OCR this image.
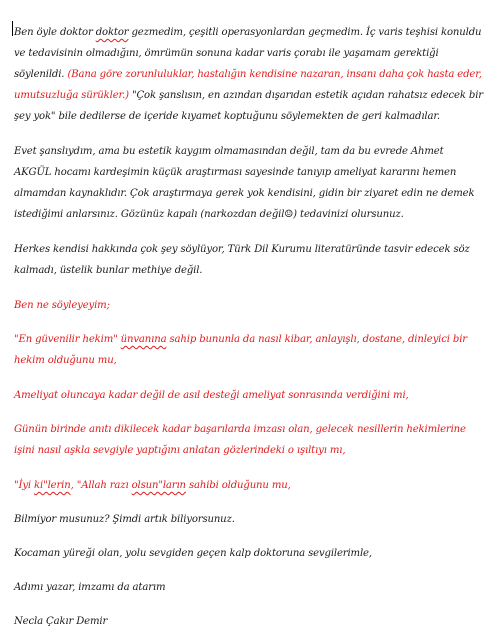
Ben öyle doktor doktor gezmedim, çeşitli operasyonlardan geçmedim. İç varis teşhisi konuldu ve tedavisinin olmadığını, ömrümün sonuna kadar varis çorabı ile yaşamam gerektiği söylenildi. (Bana göre zorunluluklar, hastalığın kendisine nazaran, insanı daha çok hasta eder, umutsuzluğa sürükler.) "Çok şanslısın, en azından dışarıdan estetik açıdan rahatsız edecek bir şey yok" bile dedilerse de içeride kıyamet koptuğunu söylemekten de geri kalmadılar.

Evet şanslıydım, ama bu estetik kaygım olmamasından değil, tam da bu evrede Ahmet AKGÜL hocamı kardeşimin küçük araştırması sayesinde tanıyıp ameliyat kararını hemen almamdan kaynaklıdır. Çok araştırmaya gerek yok kendisini, gidin bir ziyaret edin ne demek istediğimi anlarsınız. Gözünüz kapalı (narkozdan değil☺) tedavinizi olursunuz.

Herkes kendisi hakkında çok şey söylüyor, Türk Dil Kurumu literatüründe tasvir edecek söz kalmadı, üstelik bunlar methiye değil.

Ben ne söyleyeyim;

"En güvenilir hekim" ünvanına sahip bununla da nasıl kibar, anlayışlı, dostane, dinleyici bir hekim olduğunu mu,

Ameliyat oluncaya kadar değil de asıl desteği ameliyat sonrasında verdiğini mi,

Günün birinde anıtı dikilecek kadar başarılarda imzası olan, gelecek nesillerin hekimlerine işini nasıl aşkla sevgiyle yaptığını anlatan gözlerindeki o ışıltıyı mı,

"İyi ki"lerin, "Allah razı olsun"ların sahibi olduğunu mu,

Bilmiyor musunuz? Şimdi artık biliyorsunuz.

Kocaman yüreği olan, yolu sevgiden geçen kalp doktoruna sevgilerimle,

Adımı yazar, imzamı da atarım

Necla Çakır Demir
